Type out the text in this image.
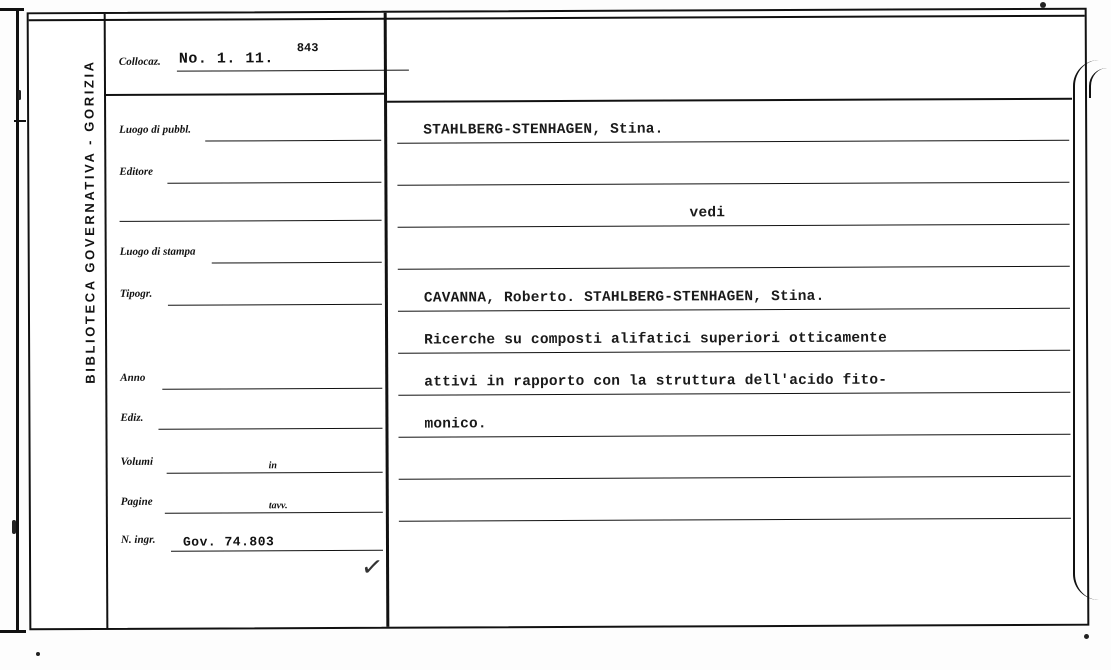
BIBLIOTECA GOVERNATIVA - GORIZIA Collocaz. No. 1. 11.
843
Luogo di pubbl.
Editore
Luogo di stampa
Tipogr.
Anno
Ediz.
Volumi	in
Pagine	tavv.
N. ingr. Gov. 74.803
✓
STAHLBERG-STENHAGEN, Stina.
vedi
CAVANNA, Roberto. STAHLBERG-STENHAGEN, Stina.
Ricerche su composti alifatici superiori otticamente
attivi in rapporto con la struttura dell'acido fito-
monico.
